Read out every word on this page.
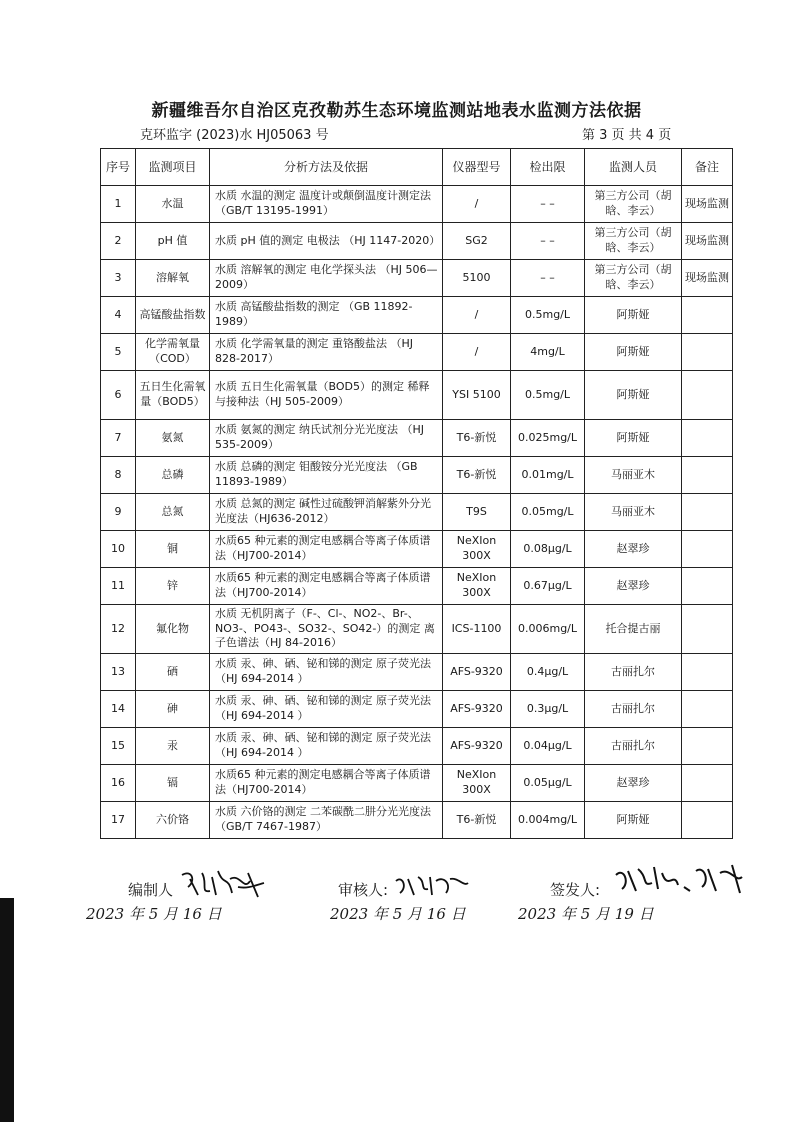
新疆维吾尔自治区克孜勒苏生态环境监测站地表水监测方法依据
克环监字 (2023)水 HJ05063 号	第 3 页 共 4 页
序号	监测项目	分析方法及依据	仪器型号	检出限	监测人员	备注
1	水温	水质 水温的测定 温度计或颠倒温度计测定法（GB/T 13195-1991）	/	– –	第三方公司（胡晗、李云）	现场监测
2	pH 值	水质 pH 值的测定 电极法 （HJ 1147-2020）	SG2	– –	第三方公司（胡晗、李云）	现场监测
3	溶解氧	水质 溶解氧的测定 电化学探头法 （HJ 506—2009）	5100	– –	第三方公司（胡晗、李云）	现场监测
4	高锰酸盐指数	水质 高锰酸盐指数的测定 （GB 11892-1989）	/	0.5mg/L	阿斯娅	
5	化学需氧量（COD）	水质 化学需氧量的测定 重铬酸盐法 （HJ 828-2017）	/	4mg/L	阿斯娅	
6	五日生化需氧量（BOD5）	水质 五日生化需氧量（BOD5）的测定 稀释与接种法（HJ 505-2009）	YSI 5100	0.5mg/L	阿斯娅	
7	氨氮	水质 氨氮的测定 纳氏试剂分光光度法 （HJ 535-2009）	T6-新悦	0.025mg/L	阿斯娅	
8	总磷	水质 总磷的测定 钼酸铵分光光度法 （GB 11893-1989）	T6-新悦	0.01mg/L	马丽亚木	
9	总氮	水质 总氮的测定 碱性过硫酸钾消解紫外分光光度法（HJ636-2012）	T9S	0.05mg/L	马丽亚木	
10	铜	水质65 种元素的测定电感耦合等离子体质谱法（HJ700-2014）	NeXIon 300X	0.08μg/L	赵翠珍	
11	锌	水质65 种元素的测定电感耦合等离子体质谱法（HJ700-2014）	NeXIon 300X	0.67μg/L	赵翠珍	
12	氟化物	水质 无机阴离子（F-、Cl-、NO2-、Br-、NO3-、PO43-、SO32-、SO42-）的测定 离子色谱法（HJ 84-2016）	ICS-1100	0.006mg/L	托合提古丽	
13	硒	水质 汞、砷、硒、铋和锑的测定 原子荧光法（HJ 694-2014 ）	AFS-9320	0.4μg/L	古丽扎尔	
14	砷	水质 汞、砷、硒、铋和锑的测定 原子荧光法（HJ 694-2014 ）	AFS-9320	0.3μg/L	古丽扎尔	
15	汞	水质 汞、砷、硒、铋和锑的测定 原子荧光法（HJ 694-2014 ）	AFS-9320	0.04μg/L	古丽扎尔	
16	镉	水质65 种元素的测定电感耦合等离子体质谱法（HJ700-2014）	NeXIon 300X	0.05μg/L	赵翠珍	
17	六价铬	水质 六价铬的测定 二苯碳酰二肼分光光度法（GB/T 7467-1987）	T6-新悦	0.004mg/L	阿斯娅	
编制人	审核人:	签发人:
2023 年 5 月 16 日	2023 年 5 月 16 日	2023 年 5 月 19 日
